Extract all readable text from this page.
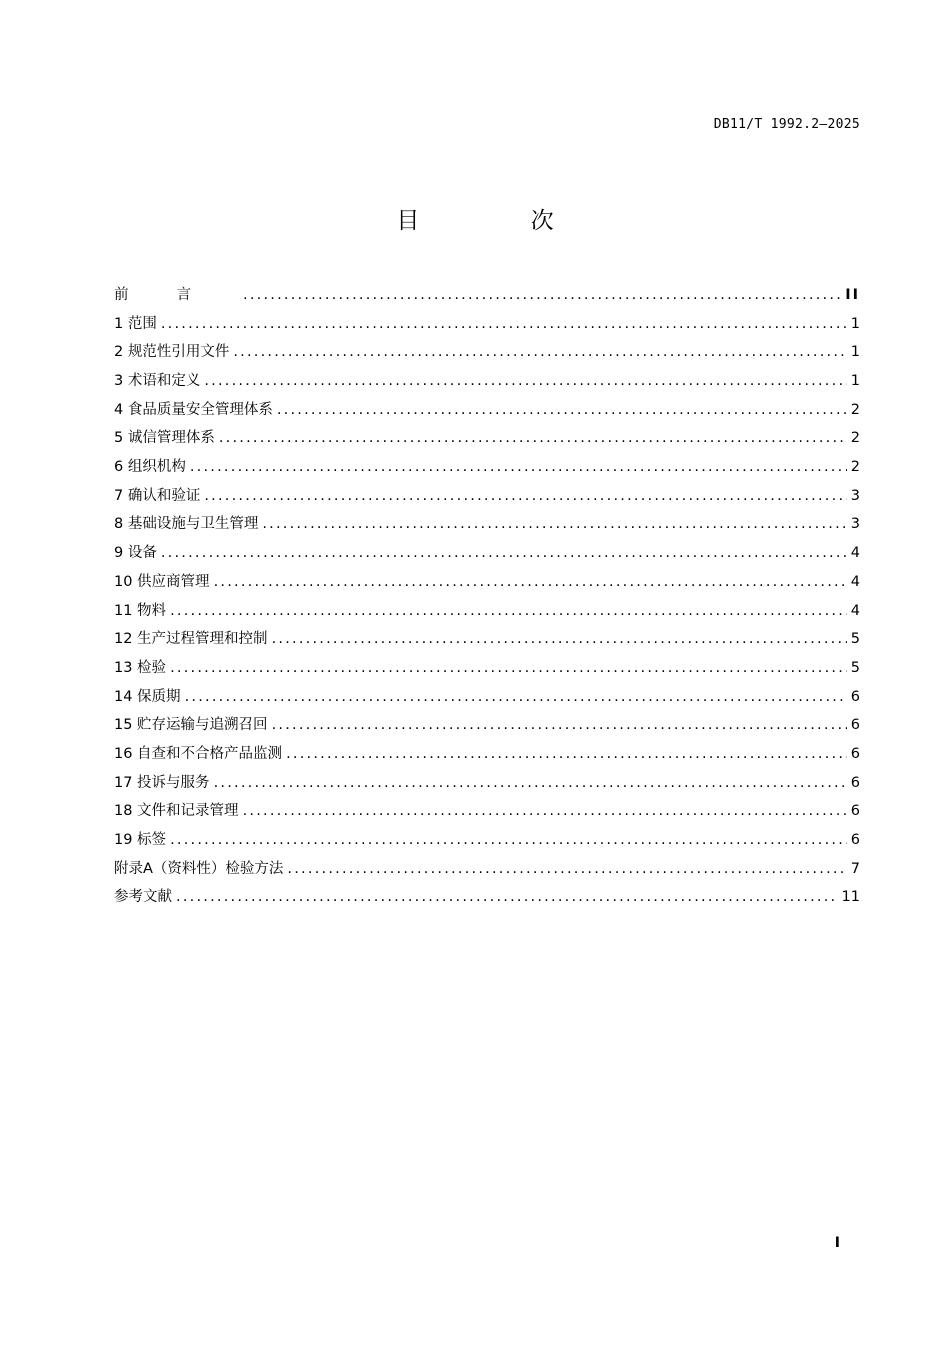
DB11/T 1992.2—2025
目 次
前言 . . .	II
1 范围 . . .	1
2 规范性引用文件 . . .	1
3 术语和定义 . . .	1
4 食品质量安全管理体系 . . .	2
5 诚信管理体系 . . .	2
6 组织机构 . . .	2
7 确认和验证 . . .	3
8 基础设施与卫生管理 . . .	3
9 设备 . . .	4
10 供应商管理 . . .	4
11 物料 . . .	4
12 生产过程管理和控制 . . .	5
13 检验 . . .	5
14 保质期 . . .	6
15 贮存运输与追溯召回 . . .	6
16 自查和不合格产品监测 . . .	6
17 投诉与服务 . . .	6
18 文件和记录管理 . . .	6
19 标签 . . .	6
附录A（资料性）检验方法 . . .	7
参考文献 . . .	11
I
